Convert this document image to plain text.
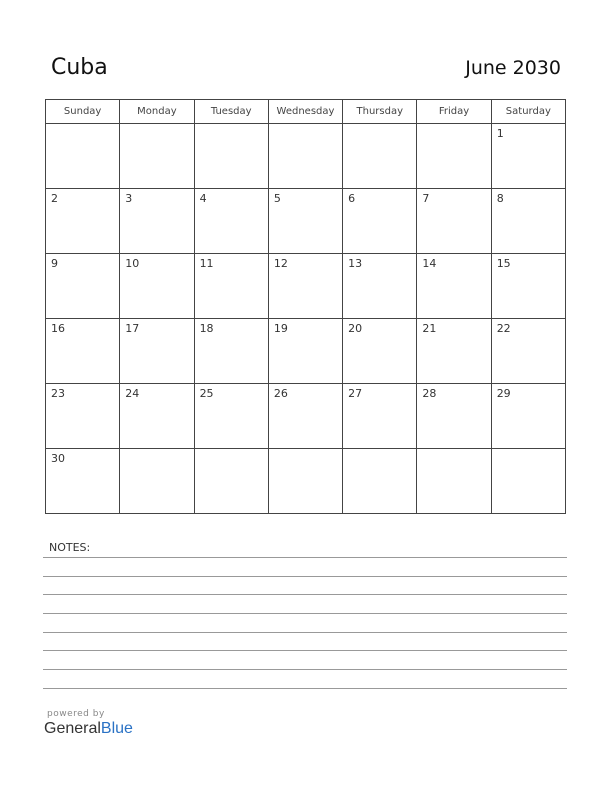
Cuba	June 2030
Sunday	Monday	Tuesday	Wednesday	Thursday	Friday	Saturday

						1

2	3	4	5	6	7	8

9	10	11	12	13	14	15

16	17	18	19	20	21	22

23	24	25	26	27	28	29

30						

NOTES:
powered by
GeneralBlue
